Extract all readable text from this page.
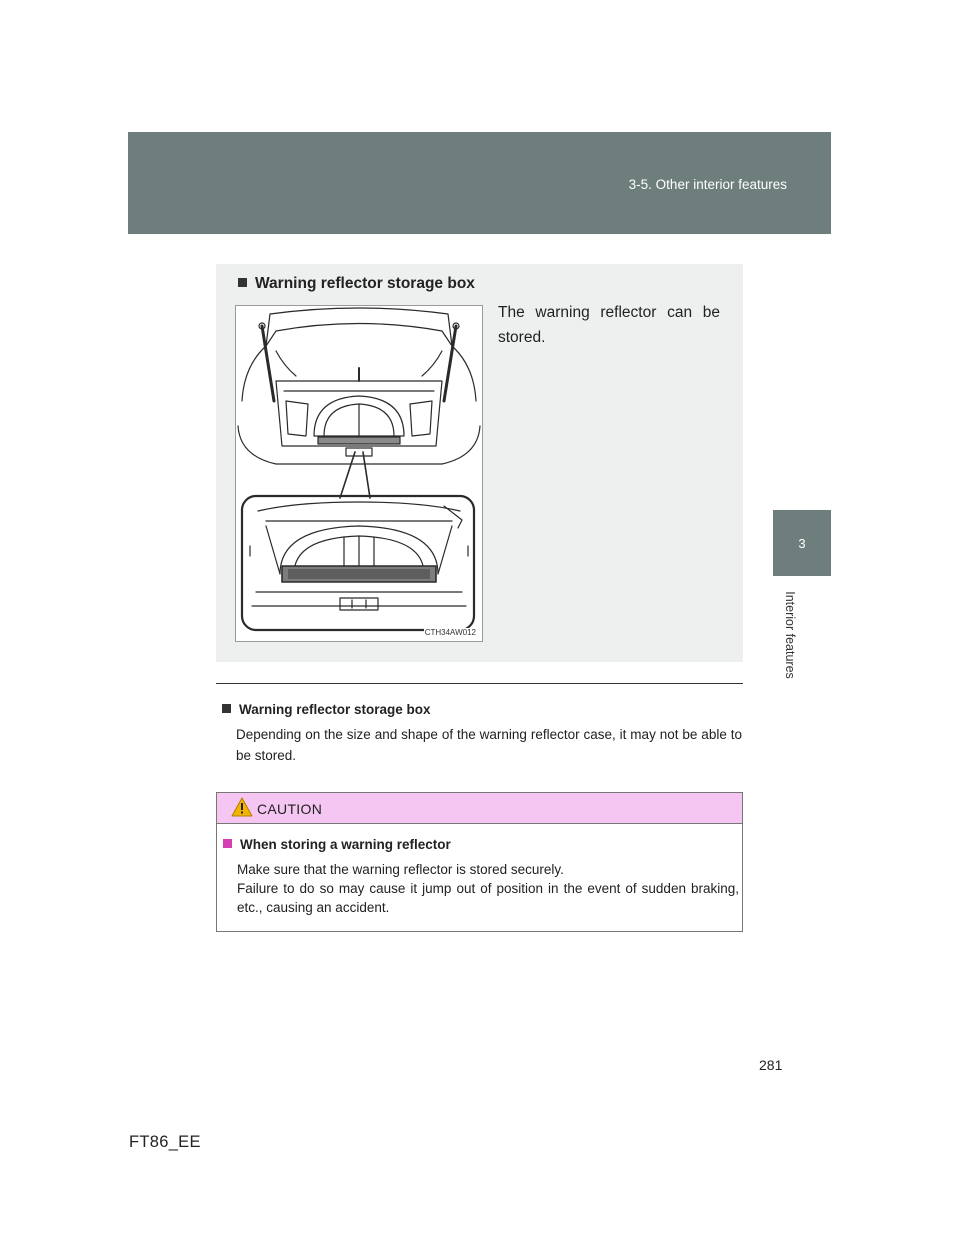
3-5. Other interior features
3
Interior features
Warning reflector storage box
The warning reflector can be stored.
CTH34AW012
Warning reflector storage box
Depending on the size and shape of the warning reflector case, it may not be able to be stored.
CAUTION
When storing a warning reflector

Make sure that the warning reflector is stored securely.

Failure to do so may cause it jump out of position in the event of sudden braking, etc., causing an accident.

281
FT86_EE
